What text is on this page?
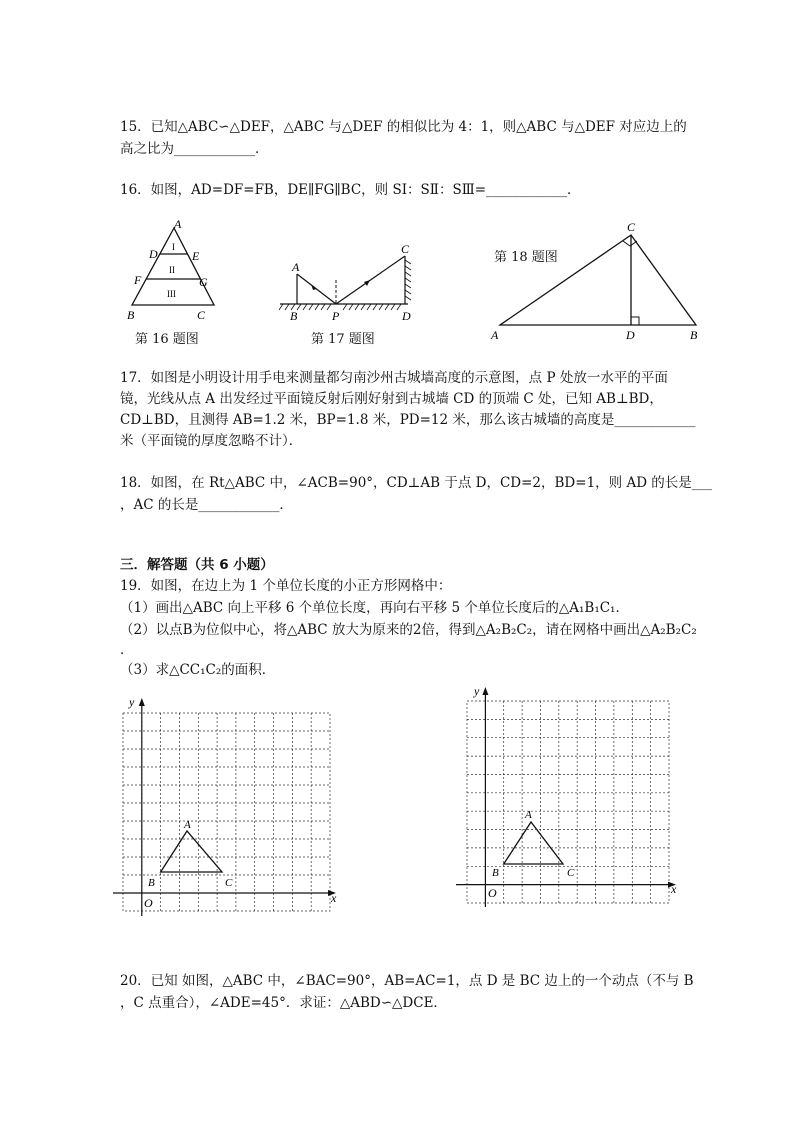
15．已知△ABC∽△DEF，△ABC 与△DEF 的相似比为 4：1，则△ABC 与△DEF 对应边上的
高之比为____________．
16．如图，AD=DF=FB，DE∥FG∥BC，则 SⅠ：SⅡ：SⅢ=____________．
A
D	E
F	G
B	C
I
II
III
第 16 题图
A
B	P
C
D
第 17 题图
C
A	D	B
第 18 题图
17．如图是小明设计用手电来测量都匀南沙州古城墙高度的示意图，点 P 处放一水平的平面
镜，光线从点 A 出发经过平面镜反射后刚好射到古城墙 CD 的顶端 C 处，已知 AB⊥BD，
CD⊥BD，且测得 AB=1.2 米，BP=1.8 米，PD=12 米，那么该古城墙的高度是____________
米（平面镜的厚度忽略不计）．
18．如图，在 Rt△ABC 中，∠ACB=90°，CD⊥AB 于点 D，CD=2，BD=1，则 AD 的长是___
，AC 的长是____________．
三．解答题（共 6 小题）
19．如图，在边上为 1 个单位长度的小正方形网格中：
（1）画出△ABC 向上平移 6 个单位长度，再向右平移 5 个单位长度后的△A₁B₁C₁．
（2）以点B为位似中心，将△ABC 放大为原来的2倍，得到△A₂B₂C₂，请在网格中画出△A₂B₂C₂
．
（3）求△CC₁C₂的面积．
y
x
O
A
B	C
y
x
O
A
B	C
20．已知 如图，△ABC 中，∠BAC=90°，AB=AC=1，点 D 是 BC 边上的一个动点（不与 B
，C 点重合），∠ADE=45°．求证：△ABD∽△DCE．
